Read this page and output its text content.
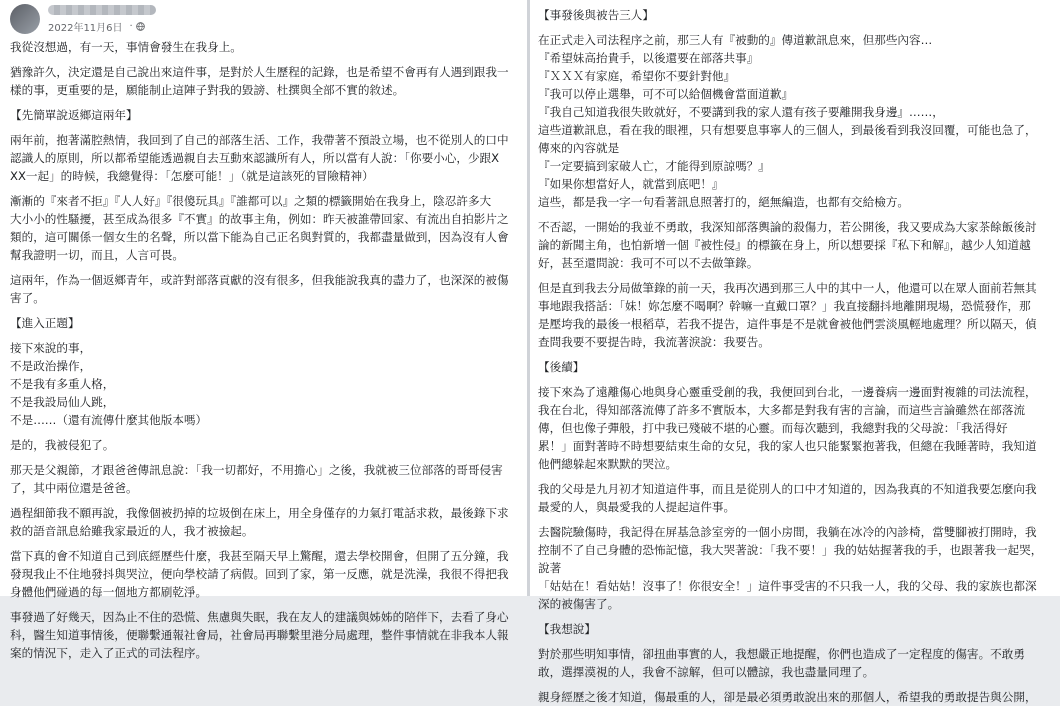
2022年11月6日 ·

我從沒想過，有一天，事情會發生在我身上。

猶豫許久，決定還是自己說出來這件事，是對於人生歷程的記錄，也是希望不會再有人遇到跟我一
樣的事，更重要的是，願能制止這陣子對我的毀謗、杜撰與全部不實的敘述。

【先簡單說返鄉這兩年】

兩年前，抱著滿腔熱情，我回到了自己的部落生活、工作，我帶著不預設立場，也不從別人的口中
認識人的原則，所以都希望能透過親自去互動來認識所有人，所以當有人說：「你要小心，少跟X
XX一起」的時候，我總覺得：「怎麼可能！」（就是這該死的冒險精神）

漸漸的『來者不拒』『人人好』『很傻玩具』『誰都可以』之類的標籤開始在我身上，陰忍許多大
大小小的性騷擾，甚至成為很多『不實』的故事主角，例如：昨天被誰帶回家、有流出自拍影片之
類的，這可關係一個女生的名聲，所以當下能為自己正名與對質的，我都盡量做到，因為沒有人會
幫我證明一切，而且，人言可畏。

這兩年，作為一個返鄉青年，或許對部落貢獻的沒有很多，但我能說我真的盡力了，也深深的被傷
害了。

【進入正題】

接下來說的事，
不是政治操作，
不是我有多重人格，
不是我設局仙人跳，
不是……（還有流傳什麼其他版本嗎）

是的，我被侵犯了。

那天是父親節，才跟爸爸傳訊息說：「我一切都好，不用擔心」之後，我就被三位部落的哥哥侵害
了，其中兩位還是爸爸。

過程細節我不願再說，我像個被扔掉的垃圾倒在床上，用全身僅存的力氣打電話求救，最後錄下求
救的語音訊息給雖我家最近的人，我才被撿起。

當下真的會不知道自己到底經歷些什麼，我甚至隔天早上驚醒，還去學校開會，但開了五分鐘，我
發現我止不住地發抖與哭泣，便向學校請了病假。回到了家，第一反應，就是洗澡，我很不得把我
身體他們碰過的每一個地方都刷乾淨。

事發過了好幾天，因為止不住的恐慌、焦慮與失眠，我在友人的建議與姊姊的陪伴下，去看了身心
科，醫生知道事情後，便聯繫通報社會局，社會局再聯繫里港分局處理，整件事情就在非我本人報
案的情況下，走入了正式的司法程序。

【事發後與被告三人】

在正式走入司法程序之前，那三人有『被動的』傳道歉訊息來，但那些內容…
『希望妹高抬貴手，以後還要在部落共事』
『ＸＸＸ有家庭，希望你不要針對他』
『我可以停止選舉，可不可以給個機會當面道歉』
『我自己知道我很失敗就好，不要講到我的家人還有孩子要離開我身邊』……，
這些道歉訊息，看在我的眼裡，只有想要息事寧人的三個人，到最後看到我沒回覆，可能也急了，
傳來的內容就是
『一定要搞到家破人亡，才能得到原諒嗎？』
『如果你想當好人，就當到底吧！』
這些，都是我一字一句看著訊息照著打的，絕無編造，也都有交給檢方。

不否認，一開始的我並不勇敢，我深知部落輿論的殺傷力，若公開後，我又要成為大家茶餘飯後討
論的新聞主角，也怕新增一個『被性侵』的標籤在身上，所以想要採『私下和解』，越少人知道越
好，甚至還問說：我可不可以不去做筆錄。

但是直到我去分局做筆錄的前一天，我再次遇到那三人中的其中一人，他還可以在眾人面前若無其
事地跟我搭話：「妹！妳怎麼不喝啊？幹嘛一直戴口罩？」我直接翻抖地離開現場，恐慌發作，那
是壓垮我的最後一根稻草，若我不提告，這件事是不是就會被他們雲淡風輕地處理？所以隔天，偵
查問我要不要提告時，我流著淚說：我要告。

【後續】

接下來為了遠離傷心地與身心靈重受創的我，我便回到台北，一邊養病一邊面對複雜的司法流程，
我在台北，得知部落流傳了許多不實版本，大多都是對我有害的言論，而這些言論雖然在部落流
傳，但也像子彈般，打中我已殘破不堪的心靈。而每次聽到，我總對我的父母說：「我活得好
累！」面對著時不時想要結束生命的女兒，我的家人也只能緊緊抱著我，但總在我睡著時，我知道
他們總躲起來默默的哭泣。

我的父母是九月初才知道這件事，而且是從別人的口中才知道的，因為我真的不知道我要怎麼向我
最愛的人，與最愛我的人提起這件事。

去醫院驗傷時，我記得在屏基急診室旁的一個小房間，我躺在冰冷的內診椅，當雙腳被打開時，我
控制不了自己身體的恐怖記憶，我大哭著說：「我不要！」我的姑姑握著我的手，也跟著我一起哭，說著
「姑姑在！看姑姑！沒事了！你很安全！」這件事受害的不只我一人，我的父母、我的家族也都深
深的被傷害了。

【我想說】

對於那些明知事情，卻扭曲事實的人，我想嚴正地提醒，你們也造成了一定程度的傷害。不敢勇
敢，選擇漠視的人，我會不諒解，但可以體諒，我也盡量同理了。

親身經歷之後才知道，傷最重的人，卻是最必須勇敢說出來的那個人，希望我的勇敢提告與公開，
